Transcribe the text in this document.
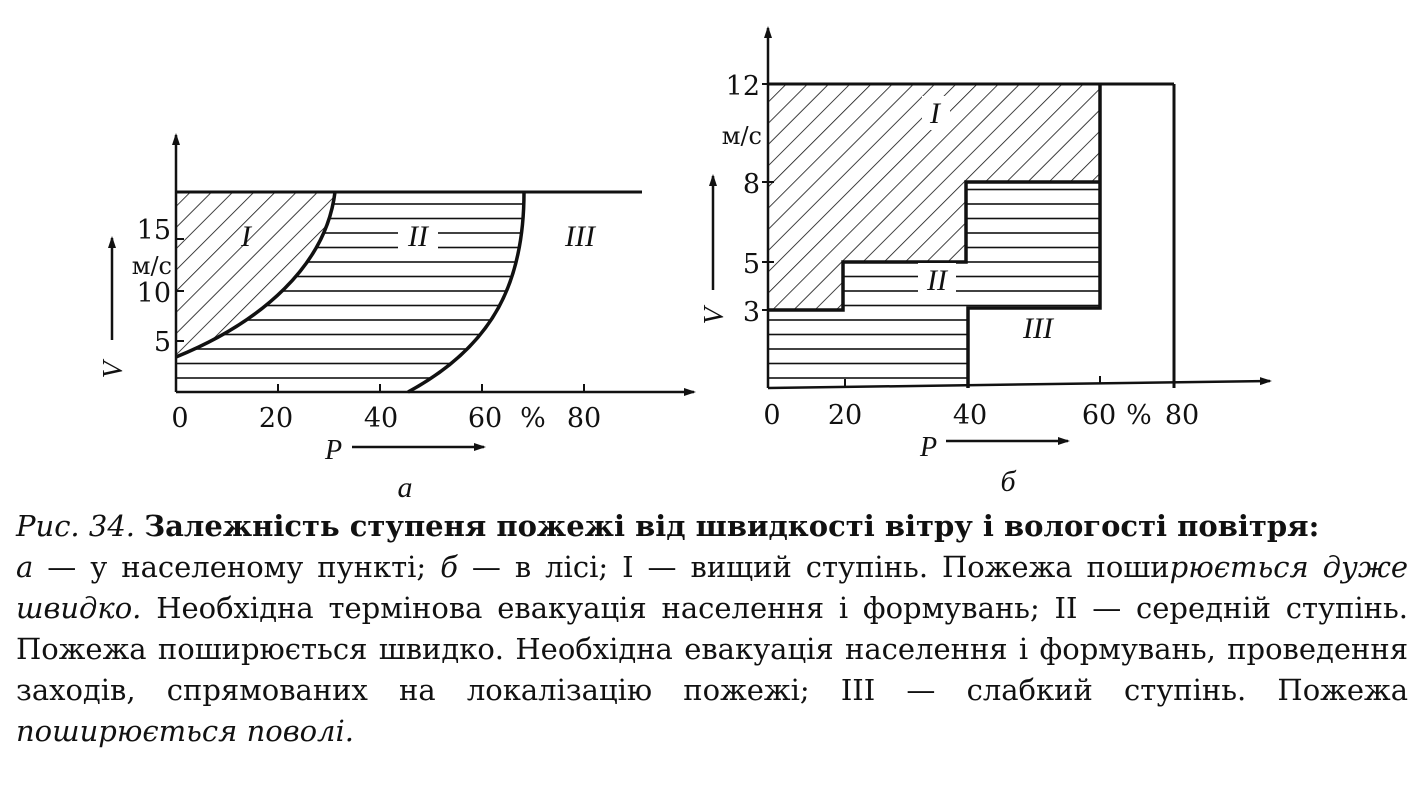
0	20	40	60 % 80
5
10
15
м/с
V
P
I	II	III
а
0 20	40	60 % 80
3
5
8
12
м/с
V
P
I
II
III
б
Рис. 34. Залежність ступеня пожежі від швидкості вітру і вологості повітря:
а — у населеному пункті; б — в лісі; І — вищий ступінь. Пожежа поширюється дуже швидко. Необхідна термінова евакуація населення і формувань; ІІ — середній ступінь. Пожежа поширюється швидко. Необхідна евакуація населення і формувань, проведення заходів, спрямованих на локалізацію пожежі; ІІІ — слабкий ступінь. Пожежа поширюється поволі.
